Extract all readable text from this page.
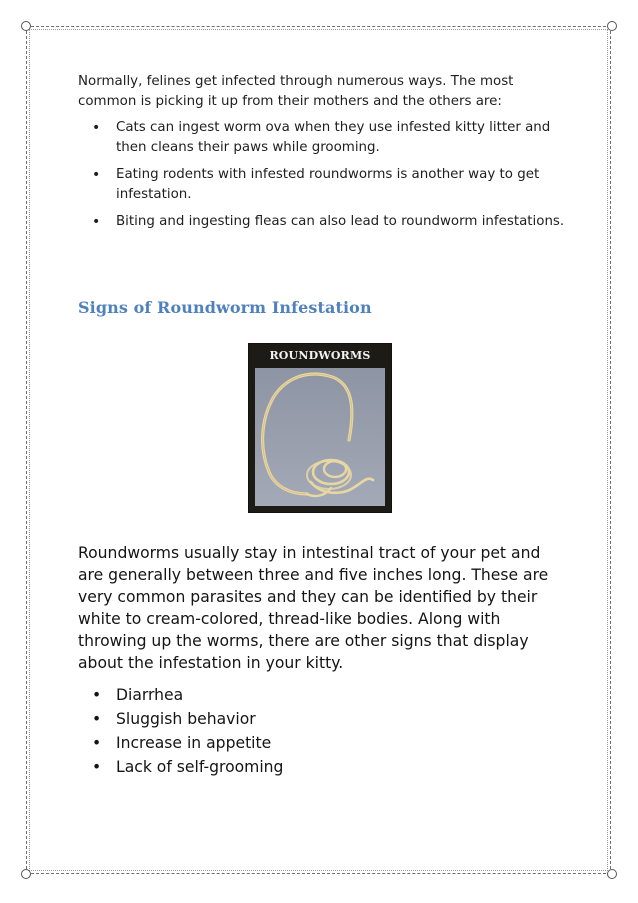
Normally, felines get infected through numerous ways. The most common is picking it up from their mothers and the others are:

• Cats can ingest worm ova when they use infested kitty litter and then cleans their paws while grooming.
• Eating rodents with infested roundworms is another way to get infestation.
• Biting and ingesting fleas can also lead to roundworm infestations.
Signs of Roundworm Infestation
ROUNDWORMS

Roundworms usually stay in intestinal tract of your pet and are generally between three and five inches long. These are very common parasites and they can be identified by their white to cream-colored, thread-like bodies. Along with throwing up the worms, there are other signs that display about the infestation in your kitty.

• Diarrhea
• Sluggish behavior
• Increase in appetite
• Lack of self-grooming
